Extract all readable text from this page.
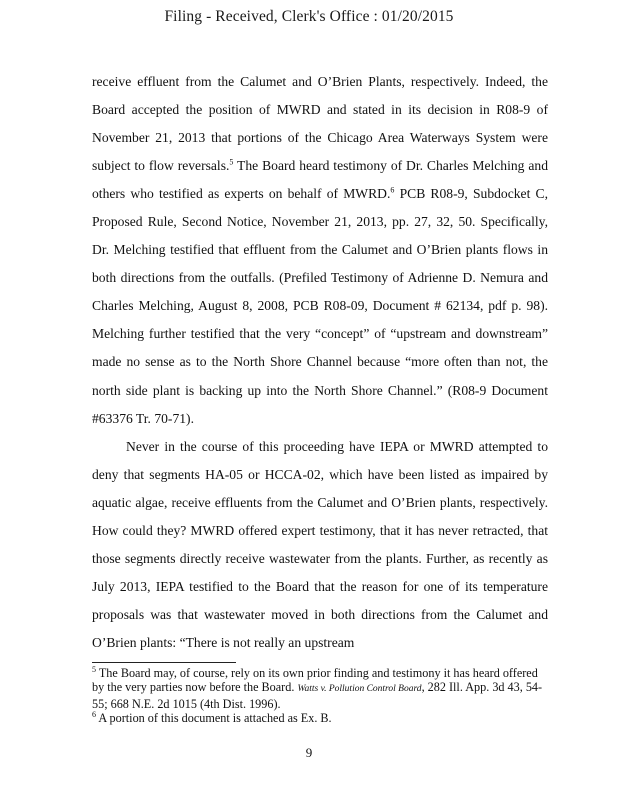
Filing - Received, Clerk's Office : 01/20/2015

receive effluent from the Calumet and O’Brien Plants, respectively. Indeed, the Board accepted the position of MWRD and stated in its decision in R08-9 of November 21, 2013 that portions of the Chicago Area Waterways System were subject to flow reversals.$^5$ The Board heard testimony of Dr. Charles Melching and others who testified as experts on behalf of MWRD.$^6$ PCB R08-9, Subdocket C, Proposed Rule, Second Notice, November 21, 2013, pp. 27, 32, 50. Specifically, Dr. Melching testified that effluent from the Calumet and O’Brien plants flows in both directions from the outfalls. (Prefiled Testimony of Adrienne D. Nemura and Charles Melching, August 8, 2008, PCB R08-09, Document # 62134, pdf p. 98). Melching further testified that the very “concept” of “upstream and downstream” made no sense as to the North Shore Channel because “more often than not, the north side plant is backing up into the North Shore Channel.” (R08-9 Document #63376 Tr. 70-71).

Never in the course of this proceeding have IEPA or MWRD attempted to deny that segments HA-05 or HCCA-02, which have been listed as impaired by aquatic algae, receive effluents from the Calumet and O’Brien plants, respectively. How could they? MWRD offered expert testimony, that it has never retracted, that those segments directly receive wastewater from the plants. Further, as recently as July 2013, IEPA testified to the Board that the reason for one of its temperature proposals was that wastewater moved in both directions from the Calumet and O’Brien plants: “There is not really an upstream

$^5$ The Board may, of course, rely on its own prior finding and testimony it has heard offered by the very parties now before the Board. Watts v. Pollution Control Board, 282 Ill. App. 3d 43, 54-55; 668 N.E. 2d 1015 (4th Dist. 1996).

$^6$ A portion of this document is attached as Ex. B.

9
